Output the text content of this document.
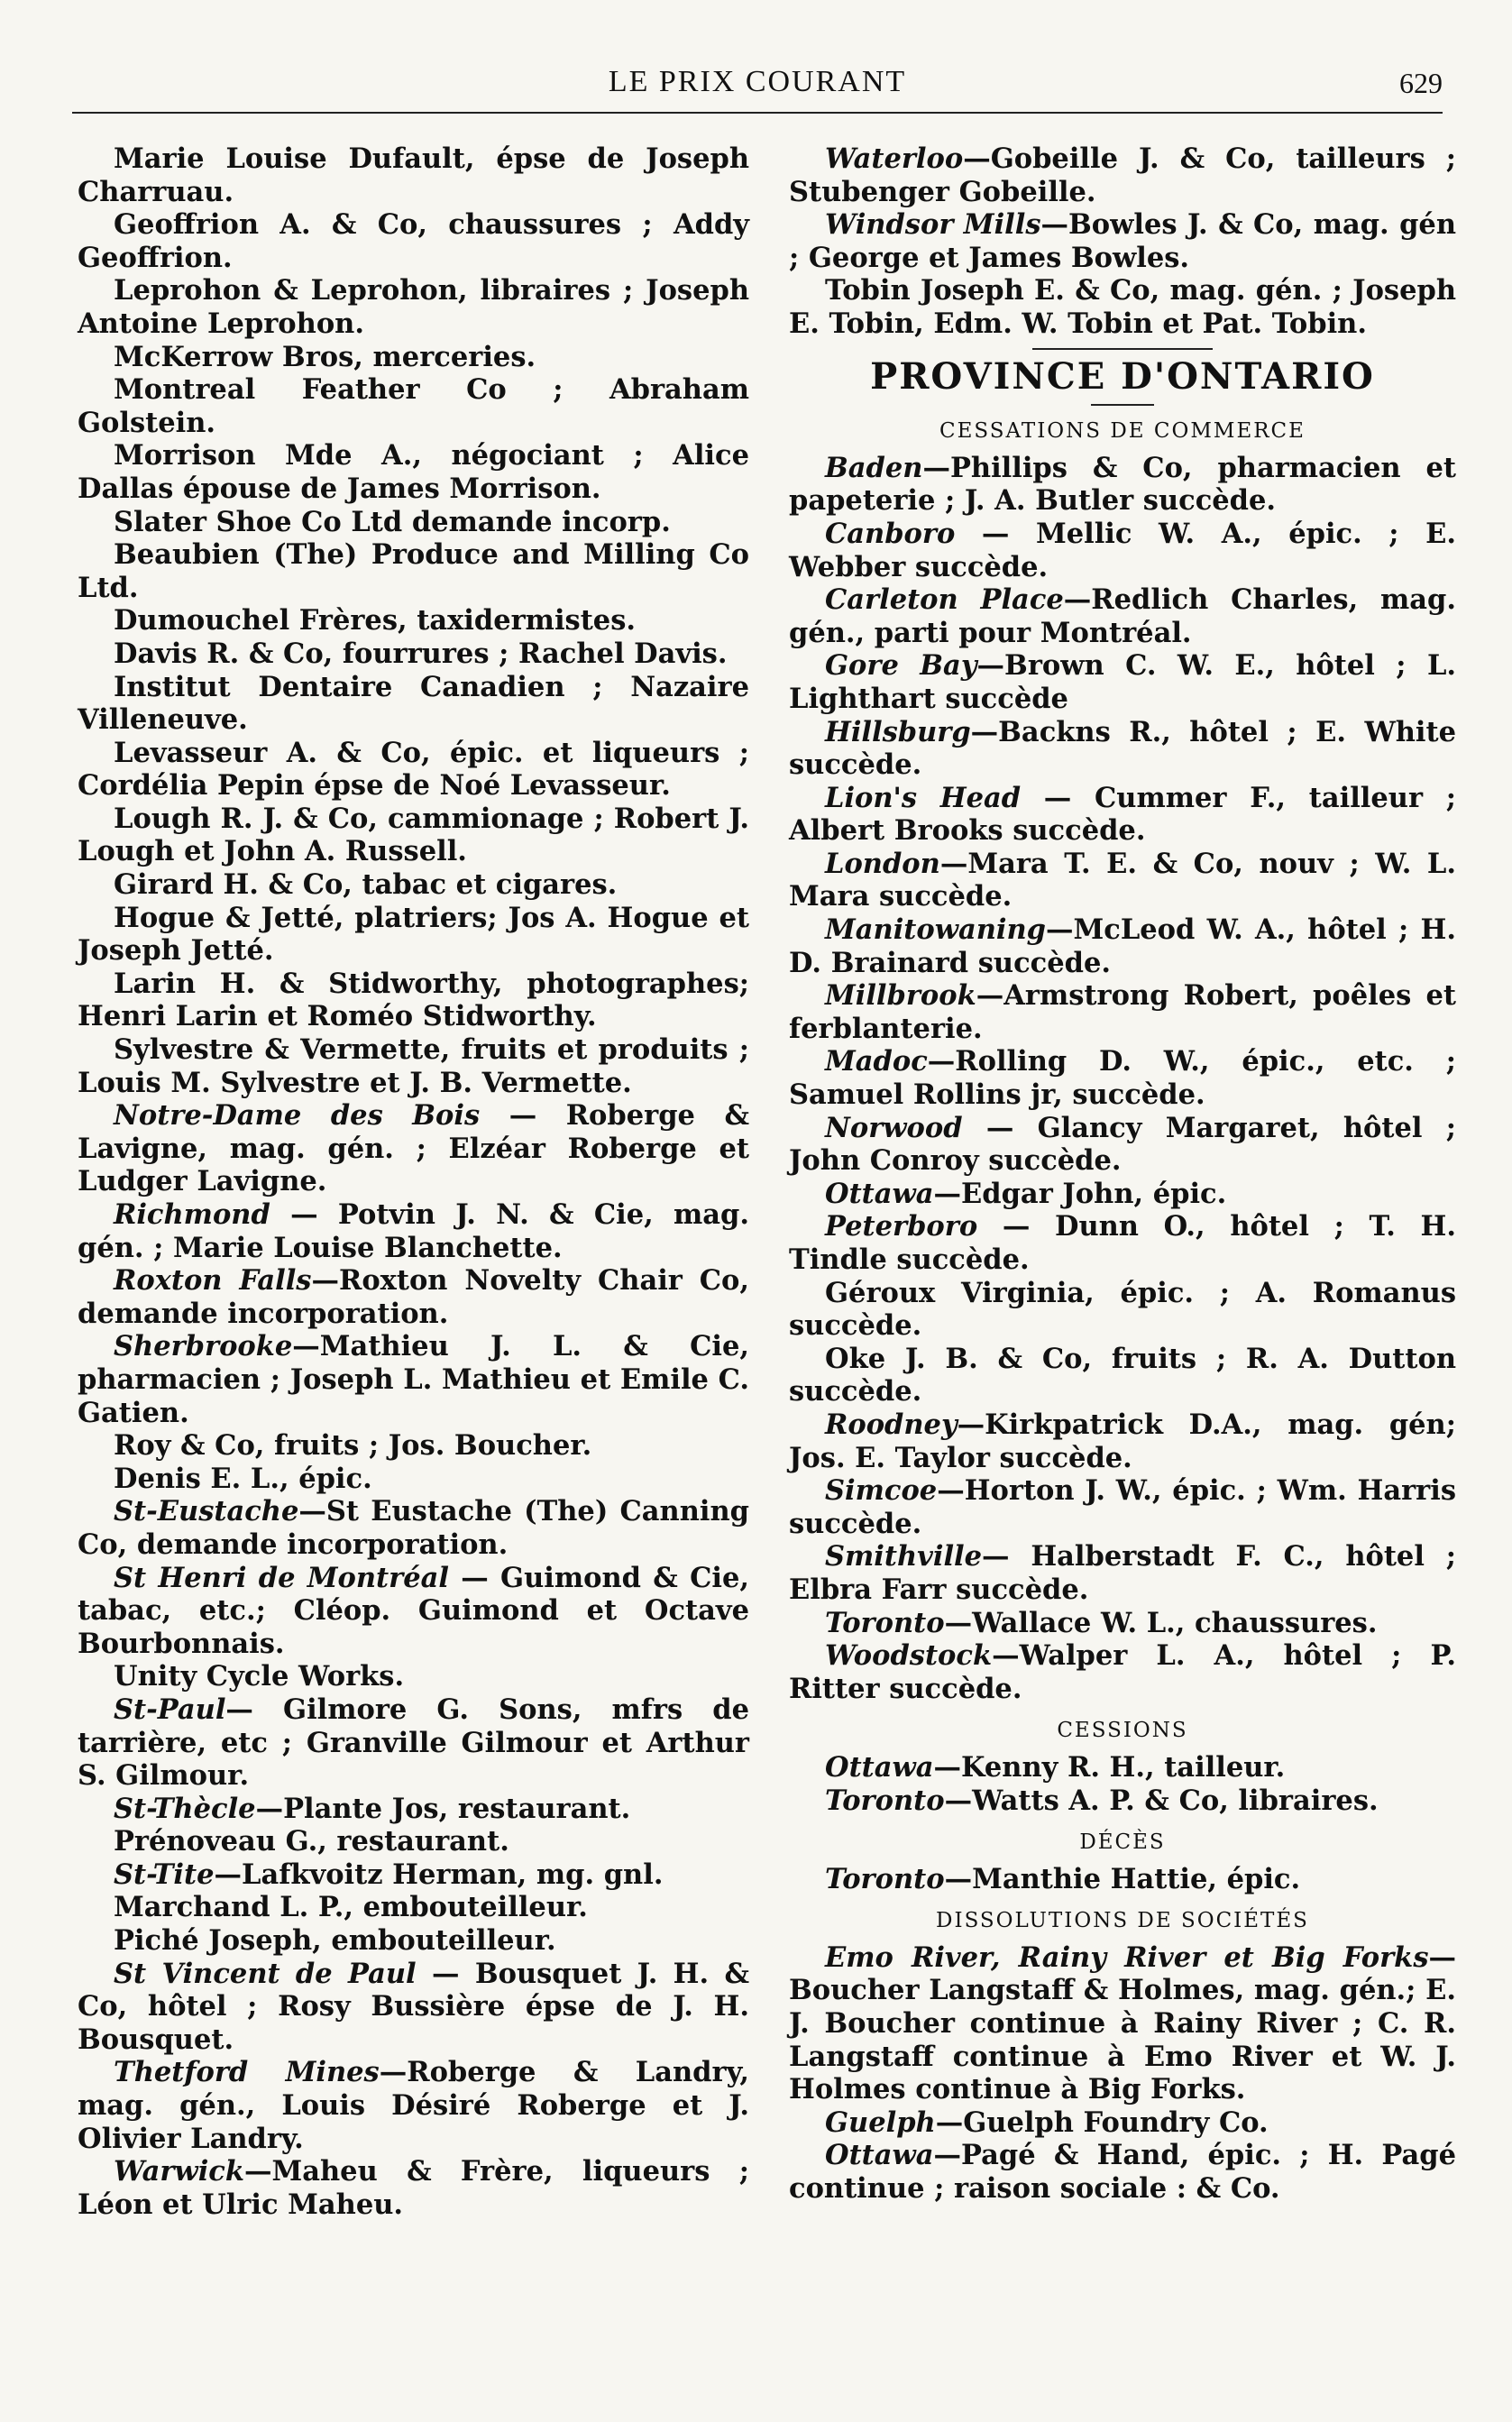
LE PRIX COURANT	629

Marie Louise Dufault, épse de Joseph Charruau.

Geoffrion A. & Co, chaussures ; Addy Geoffrion.

Leprohon & Leprohon, libraires ; Joseph Antoine Leprohon.

McKerrow Bros, merceries.

Montreal Feather Co ; Abraham Golstein.

Morrison Mde A., négociant ; Alice Dallas épouse de James Morrison.

Slater Shoe Co Ltd demande incorp.

Beaubien (The) Produce and Milling Co Ltd.

Dumouchel Frères, taxidermistes.

Davis R. & Co, fourrures ; Rachel Davis.

Institut Dentaire Canadien ; Nazaire Villeneuve.

Levasseur A. & Co, épic. et liqueurs ; Cordélia Pepin épse de Noé Levasseur.

Lough R. J. & Co, cammionage ; Robert J. Lough et John A. Russell.

Girard H. & Co, tabac et cigares.

Hogue & Jetté, platriers; Jos A. Hogue et Joseph Jetté.

Larin H. & Stidworthy, photographes; Henri Larin et Roméo Stidworthy.

Sylvestre & Vermette, fruits et produits ; Louis M. Sylvestre et J. B. Vermette.

Notre-Dame des Bois — Roberge & Lavigne, mag. gén. ; Elzéar Roberge et Ludger Lavigne.

Richmond — Potvin J. N. & Cie, mag. gén. ; Marie Louise Blanchette.

Roxton Falls—Roxton Novelty Chair Co, demande incorporation.

Sherbrooke—Mathieu J. L. & Cie, pharmacien ; Joseph L. Mathieu et Emile C. Gatien.

Roy & Co, fruits ; Jos. Boucher.

Denis E. L., épic.

St-Eustache—St Eustache (The) Canning Co, demande incorporation.

St Henri de Montréal — Guimond & Cie, tabac, etc.; Cléop. Guimond et Octave Bourbonnais.

Unity Cycle Works.

St-Paul— Gilmore G. Sons, mfrs de tarrière, etc ; Granville Gilmour et Arthur S. Gilmour.

St-Thècle—Plante Jos, restaurant.

Prénoveau G., restaurant.

St-Tite—Lafkvoitz Herman, mg. gnl.

Marchand L. P., embouteilleur.

Piché Joseph, embouteilleur.

St Vincent de Paul — Bousquet J. H. & Co, hôtel ; Rosy Bussière épse de J. H. Bousquet.

Thetford Mines—Roberge & Landry, mag. gén., Louis Désiré Roberge et J. Olivier Landry.

Warwick—Maheu & Frère, liqueurs ; Léon et Ulric Maheu.

Waterloo—Gobeille J. & Co, tailleurs ; Stubenger Gobeille.

Windsor Mills—Bowles J. & Co, mag. gén ; George et James Bowles.

Tobin Joseph E. & Co, mag. gén. ; Joseph E. Tobin, Edm. W. Tobin et Pat. Tobin.

PROVINCE D'ONTARIO

CESSATIONS DE COMMERCE

Baden—Phillips & Co, pharmacien et papeterie ; J. A. Butler succède.

Canboro — Mellic W. A., épic. ; E. Webber succède.

Carleton Place—Redlich Charles, mag. gén., parti pour Montréal.

Gore Bay—Brown C. W. E., hôtel ; L. Lighthart succède

Hillsburg—Backns R., hôtel ; E. White succède.

Lion's Head — Cummer F., tailleur ; Albert Brooks succède.

London—Mara T. E. & Co, nouv ; W. L. Mara succède.

Manitowaning—McLeod W. A., hôtel ; H. D. Brainard succède.

Millbrook—Armstrong Robert, poêles et ferblanterie.

Madoc—Rolling D. W., épic., etc. ; Samuel Rollins jr, succède.

Norwood — Glancy Margaret, hôtel ; John Conroy succède.

Ottawa—Edgar John, épic.

Peterboro — Dunn O., hôtel ; T. H. Tindle succède.

Géroux Virginia, épic. ; A. Romanus succède.

Oke J. B. & Co, fruits ; R. A. Dutton succède.

Roodney—Kirkpatrick D.A., mag. gén; Jos. E. Taylor succède.

Simcoe—Horton J. W., épic. ; Wm. Harris succède.

Smithville— Halberstadt F. C., hôtel ; Elbra Farr succède.

Toronto—Wallace W. L., chaussures.

Woodstock—Walper L. A., hôtel ; P. Ritter succède.

CESSIONS

Ottawa—Kenny R. H., tailleur.

Toronto—Watts A. P. & Co, libraires.

DÉCÈS

Toronto—Manthie Hattie, épic.

DISSOLUTIONS DE SOCIÉTÉS

Emo River, Rainy River et Big Forks—Boucher Langstaff & Holmes, mag. gén.; E. J. Boucher continue à Rainy River ; C. R. Langstaff continue à Emo River et W. J. Holmes continue à Big Forks.

Guelph—Guelph Foundry Co.

Ottawa—Pagé & Hand, épic. ; H. Pagé continue ; raison sociale : & Co.
